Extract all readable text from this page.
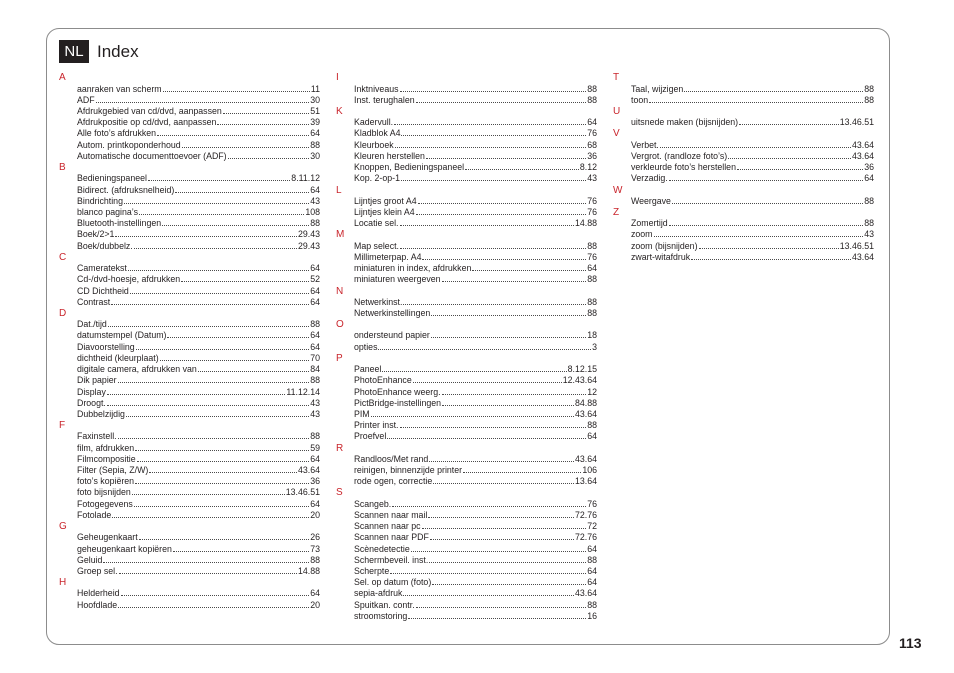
NL Index
A
aanraken van scherm	11
ADF	30
Afdrukgebied van cd/dvd, aanpassen	51
Afdrukpositie op cd/dvd, aanpassen	39
Alle foto’s afdrukken	64
Autom. printkoponderhoud	88
Automatische documenttoevoer (ADF)	30
B
Bedieningspaneel	8.11.12
Bidirect. (afdruksnelheid)	64
Bindrichting	43
blanco pagina’s	108
Bluetooth-instellingen	88
Boek/2>1	29.43
Boek/dubbelz.	29.43
C
Cameratekst	64
Cd-/dvd-hoesje, afdrukken	52
CD Dichtheid	64
Contrast	64
D
Dat./tijd	88
datumstempel (Datum)	64
Diavoorstelling	64
dichtheid (kleurplaat)	70
digitale camera, afdrukken van	84
Dik papier	88
Display	11.12.14
Droogt.	43
Dubbelzijdig	43
F
Faxinstell.	88
film, afdrukken	59
Filmcompositie	64
Filter (Sepia, Z/W)	43.64
foto’s kopiëren	36
foto bijsnijden	13.46.51
Fotogegevens	64
Fotolade	20
G
Geheugenkaart	26
geheugenkaart kopiëren	73
Geluid	88
Groep sel.	14.88
H
Helderheid	64
Hoofdlade	20
I
Inktniveaus	88
Inst. terughalen	88
K
Kadervull.	64
Kladblok A4	76
Kleurboek	68
Kleuren herstellen	36
Knoppen, Bedieningspaneel	8.12
Kop. 2-op-1	43
L
Lijntjes groot A4	76
Lijntjes klein A4	76
Locatie sel.	14.88
M
Map select.	88
Millimeterpap. A4	76
miniaturen in index, afdrukken	64
miniaturen weergeven	88
N
Netwerkinst.	88
Netwerkinstellingen	88
O
ondersteund papier	18
opties	3
P
Paneel	8.12.15
PhotoEnhance	12.43.64
PhotoEnhance weerg.	12
PictBridge-instellingen	84.88
PIM	43.64
Printer inst.	88
Proefvel	64
R
Randloos/Met rand	43.64
reinigen, binnenzijde printer	106
rode ogen, correctie	13.64
S
Scangeb.	76
Scannen naar mail	72.76
Scannen naar pc	72
Scannen naar PDF	72.76
Scènedetectie	64
Schermbeveil. inst.	88
Scherpte	64
Sel. op datum (foto)	64
sepia-afdruk	43.64
Spuitkan. contr.	88
stroomstoring	16
T
Taal, wijzigen	88
toon	88
U
uitsnede maken (bijsnijden)	13.46.51
V
Verbet.	43.64
Vergrot. (randloze foto’s)	43.64
verkleurde foto’s herstellen	36
Verzadig.	64
W
Weergave	88
Z
Zomertijd	88
zoom	43
zoom (bijsnijden)	13.46.51
zwart-witafdruk	43.64
113
